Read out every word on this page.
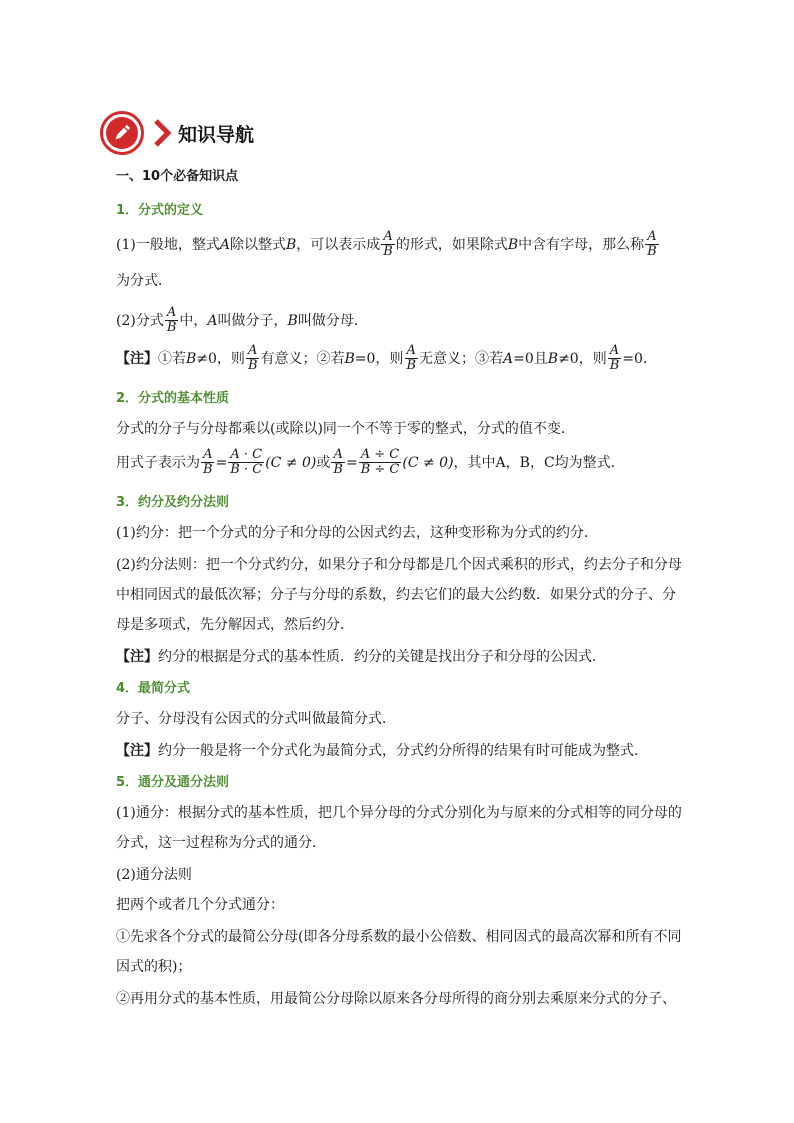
知识导航
一、10个必备知识点
1．分式的定义
(1)一般地，整式A除以整式B，可以表示成 $\frac{A}{B}$ 的形式，如果除式B中含有字母，那么称 $\frac{A}{B}$
为分式．
(2)分式 $\frac{A}{B}$ 中，A叫做分子，B叫做分母．
【注】①若B≠0，则 $\frac{A}{B}$ 有意义；②若B=0，则 $\frac{A}{B}$ 无意义；③若A=0且B≠0，则 $\frac{A}{B} =0$．
2．分式的基本性质
分式的分子与分母都乘以(或除以)同一个不等于零的整式，分式的值不变．
用式子表示为 $\frac{A}{B} = \frac{A \cdot C}{B \cdot C} (C \ne 0)$或 $\frac{A}{B} = \frac{A \div C}{B \div C} (C \ne 0)$，其中A，B，C均为整式．
3．约分及约分法则
(1)约分：把一个分式的分子和分母的公因式约去，这种变形称为分式的约分．
(2)约分法则：把一个分式约分，如果分子和分母都是几个因式乘积的形式，约去分子和分母
中相同因式的最低次幂；分子与分母的系数，约去它们的最大公约数．如果分式的分子、分
母是多项式，先分解因式，然后约分．
【注】约分的根据是分式的基本性质．约分的关键是找出分子和分母的公因式．
4．最简分式
分子、分母没有公因式的分式叫做最简分式．
【注】约分一般是将一个分式化为最简分式，分式约分所得的结果有时可能成为整式．
5．通分及通分法则
(1)通分：根据分式的基本性质，把几个异分母的分式分别化为与原来的分式相等的同分母的
分式，这一过程称为分式的通分．
(2)通分法则
把两个或者几个分式通分：
①先求各个分式的最简公分母(即各分母系数的最小公倍数、相同因式的最高次幂和所有不同
因式的积)；
②再用分式的基本性质，用最简公分母除以原来各分母所得的商分别去乘原来分式的分子、
